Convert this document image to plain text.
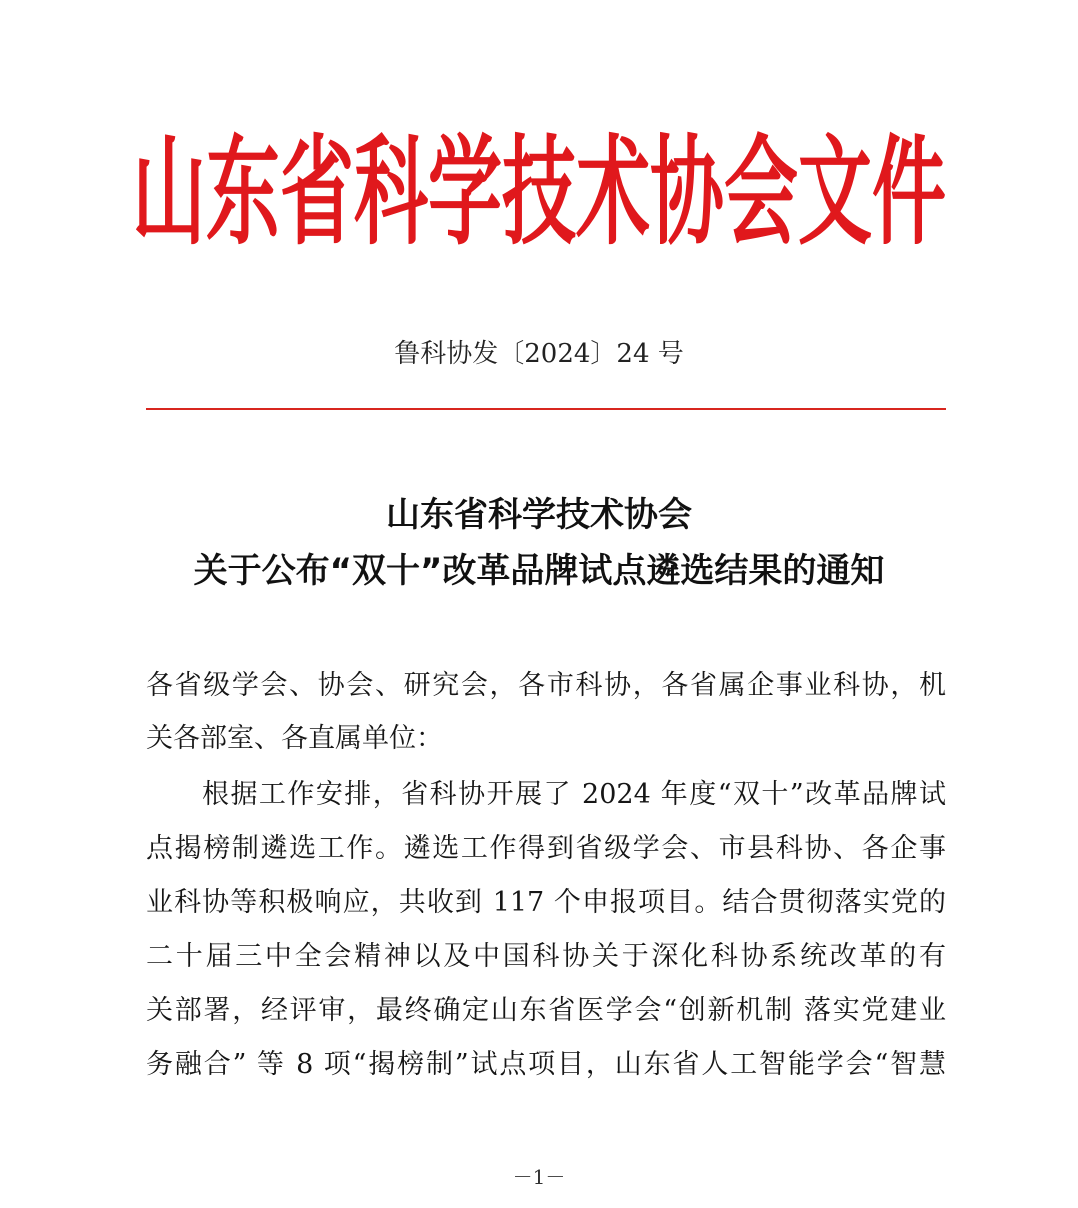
山东省科学技术协会文件
鲁科协发〔2024〕24 号
山东省科学技术协会
关于公布“双十”改革品牌试点遴选结果的通知
各省级学会、协会、研究会，各市科协，各省属企事业科协，机
关各部室、各直属单位：
根据工作安排，省科协开展了 2024 年度“双十”改革品牌试
点揭榜制遴选工作。遴选工作得到省级学会、市县科协、各企事
业科协等积极响应，共收到 117 个申报项目。结合贯彻落实党的
二十届三中全会精神以及中国科协关于深化科协系统改革的有
关部署，经评审，最终确定山东省医学会“创新机制 落实党建业
务融合” 等 8 项“揭榜制”试点项目，山东省人工智能学会“智慧
－1－
